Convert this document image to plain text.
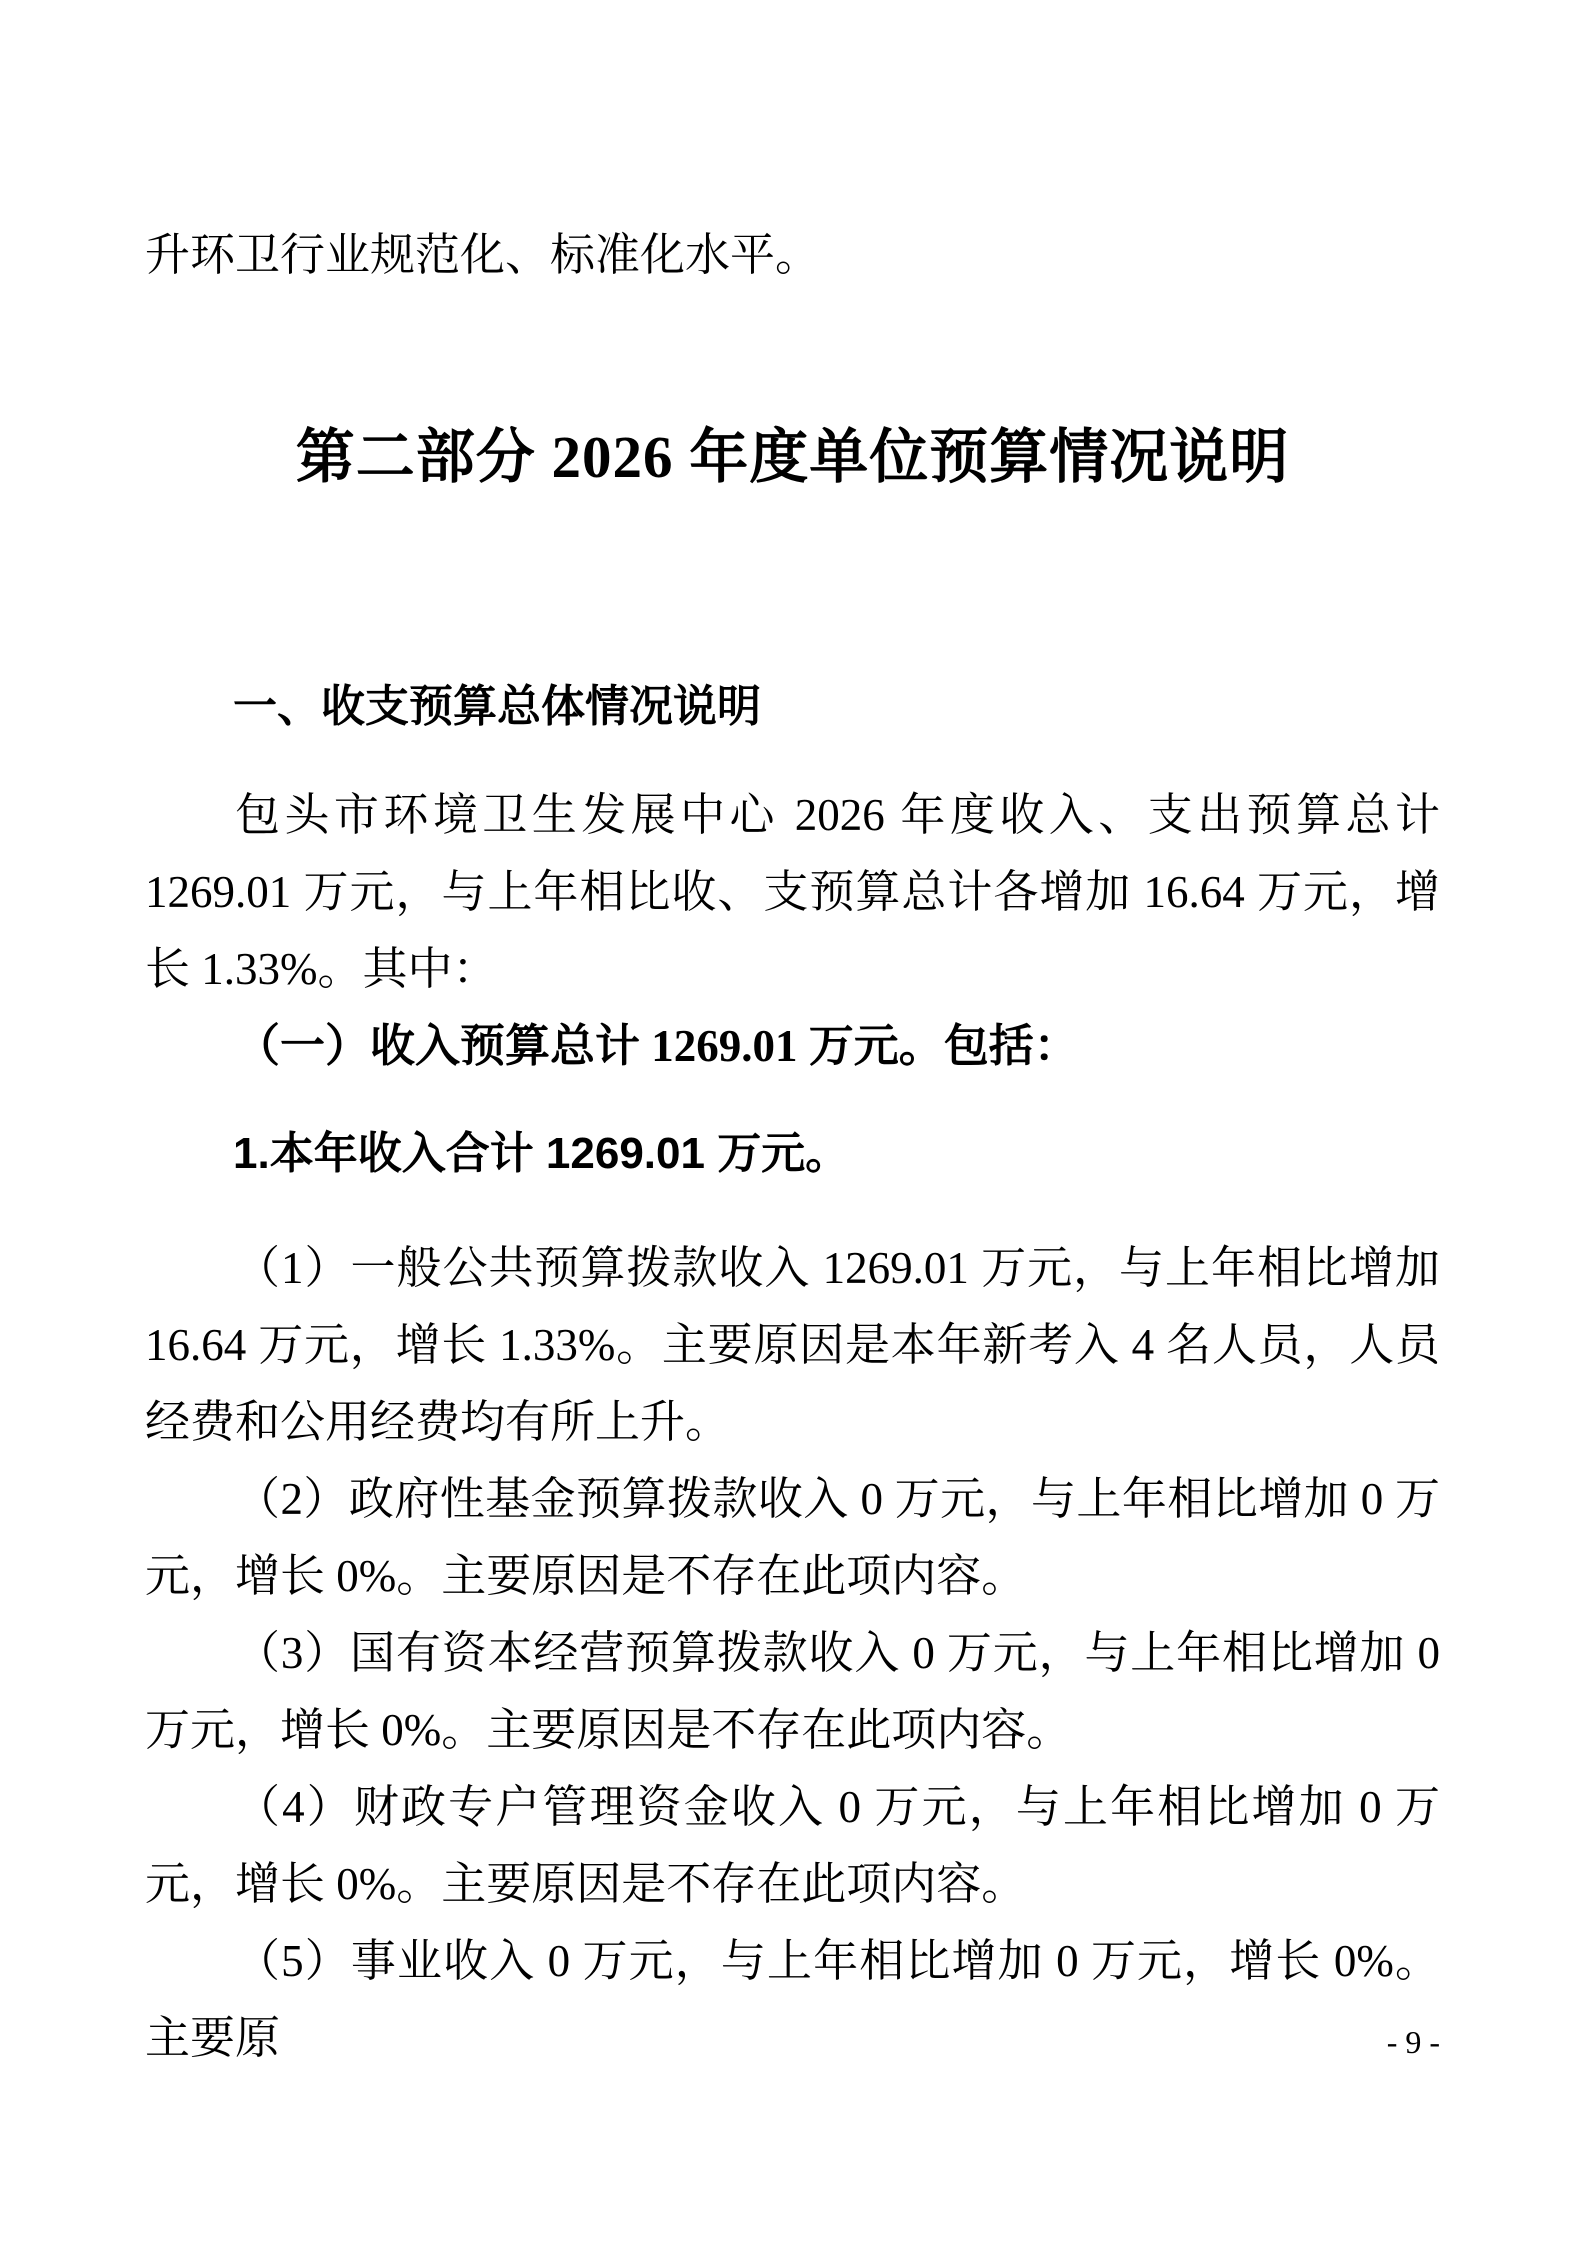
升环卫行业规范化、标准化水平。

第二部分 2026 年度单位预算情况说明
一、收支预算总体情况说明

包头市环境卫生发展中心 2026 年度收入、支出预算总计 1269.01 万元，与上年相比收、支预算总计各增加 16.64 万元，增长 1.33%。其中：

（一）收入预算总计 1269.01 万元。包括：

1.本年收入合计 1269.01 万元。

（1）一般公共预算拨款收入 1269.01 万元，与上年相比增加 16.64 万元，增长 1.33%。主要原因是本年新考入 4 名人员，人员经费和公用经费均有所上升。

（2）政府性基金预算拨款收入 0 万元，与上年相比增加 0 万元，增长 0%。主要原因是不存在此项内容。

（3）国有资本经营预算拨款收入 0 万元，与上年相比增加 0 万元，增长 0%。主要原因是不存在此项内容。

（4）财政专户管理资金收入 0 万元，与上年相比增加 0 万元，增长 0%。主要原因是不存在此项内容。

（5）事业收入 0 万元，与上年相比增加 0 万元，增长 0%。主要原	- 9 -
